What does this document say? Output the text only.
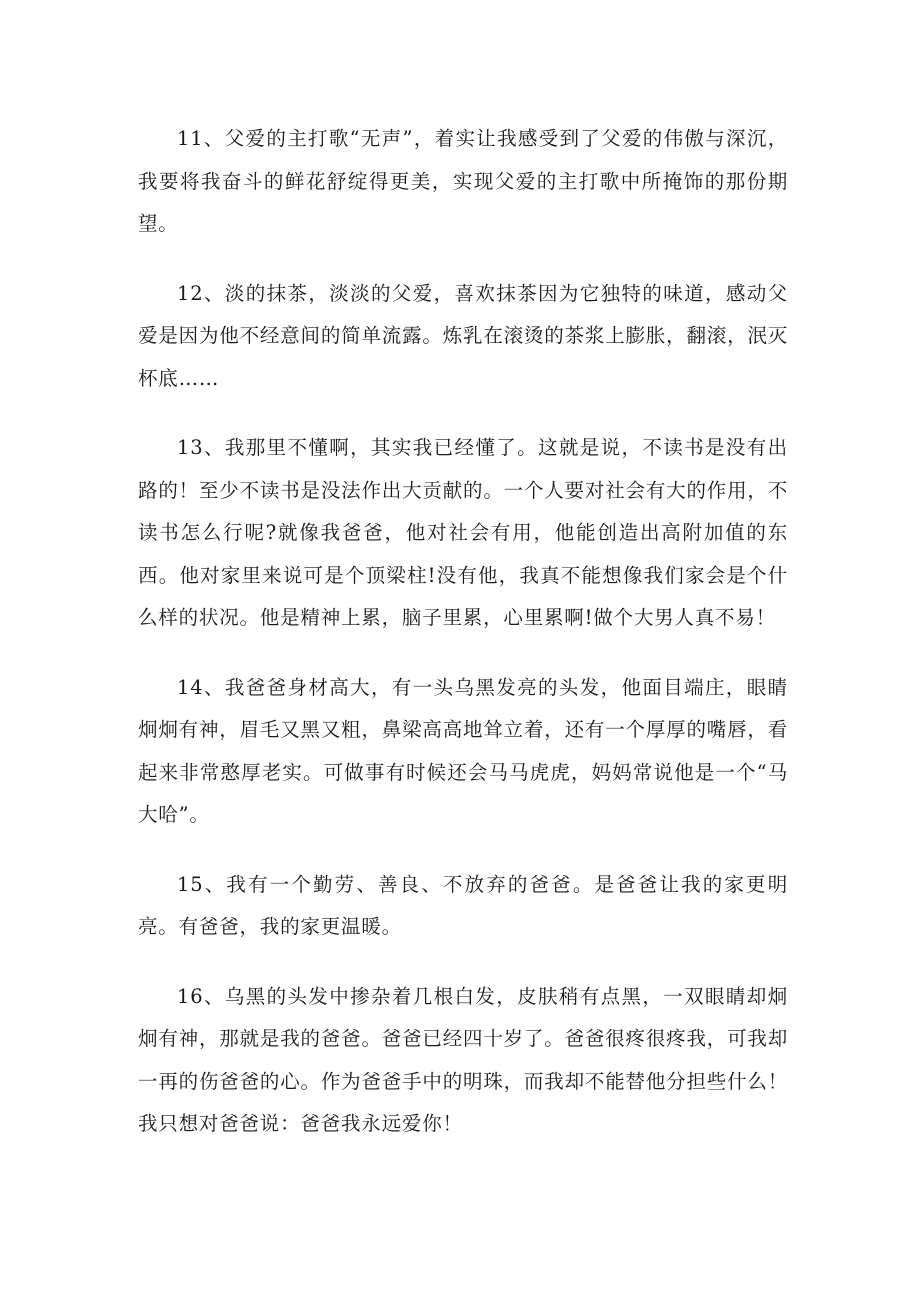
11、父爱的主打歌“无声”，着实让我感受到了父爱的伟傲与深沉，我要将我奋斗的鲜花舒绽得更美，实现父爱的主打歌中所掩饰的那份期望。

12、淡的抹茶，淡淡的父爱，喜欢抹茶因为它独特的味道，感动父爱是因为他不经意间的简单流露。炼乳在滚烫的茶浆上膨胀，翻滚，泯灭杯底……

13、我那里不懂啊，其实我已经懂了。这就是说，不读书是没有出路的！至少不读书是没法作出大贡献的。一个人要对社会有大的作用，不读书怎么行呢?就像我爸爸，他对社会有用，他能创造出高附加值的东西。他对家里来说可是个顶梁柱!没有他，我真不能想像我们家会是个什么样的状况。他是精神上累，脑子里累，心里累啊!做个大男人真不易！

14、我爸爸身材高大，有一头乌黑发亮的头发，他面目端庄，眼睛炯炯有神，眉毛又黑又粗，鼻梁高高地耸立着，还有一个厚厚的嘴唇，看起来非常憨厚老实。可做事有时候还会马马虎虎，妈妈常说他是一个“马大哈”。

15、我有一个勤劳、善良、不放弃的爸爸。是爸爸让我的家更明亮。有爸爸，我的家更温暖。

16、乌黑的头发中掺杂着几根白发，皮肤稍有点黑，一双眼睛却炯炯有神，那就是我的爸爸。爸爸已经四十岁了。爸爸很疼很疼我，可我却一再的伤爸爸的心。作为爸爸手中的明珠，而我却不能替他分担些什么！我只想对爸爸说：爸爸我永远爱你！
